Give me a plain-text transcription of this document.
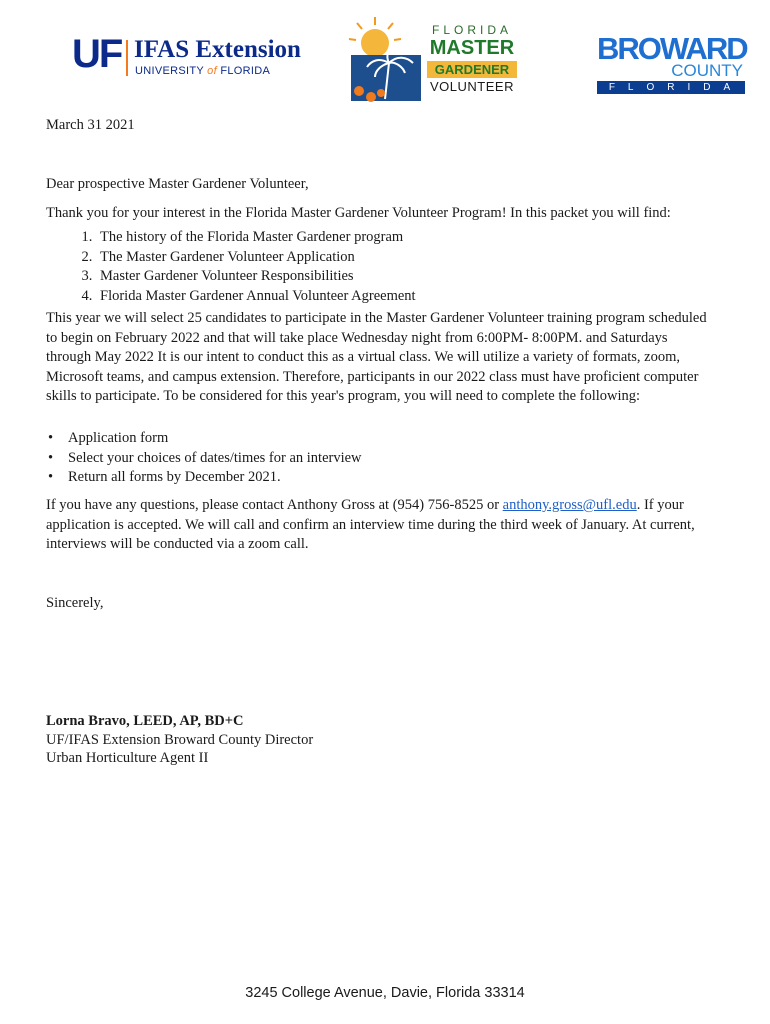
UF IFAS Extension
UNIVERSITY of FLORIDA
FLORIDA
MASTER
GARDENER
VOLUNTEER
BROWARD
COUNTY
FLORIDA
March 31 2021
Dear prospective Master Gardener Volunteer,
Thank you for your interest in the Florida Master Gardener Volunteer Program! In this packet you will find:
1. The history of the Florida Master Gardener program
2. The Master Gardener Volunteer Application
3. Master Gardener Volunteer Responsibilities
4. Florida Master Gardener Annual Volunteer Agreement
This year we will select 25 candidates to participate in the Master Gardener Volunteer training program scheduled to begin on February 2022 and that will take place Wednesday night from 6:00PM- 8:00PM. and Saturdays through May 2022 It is our intent to conduct this as a virtual class. We will utilize a variety of formats, zoom, Microsoft teams, and campus extension. Therefore, participants in our 2022 class must have proficient computer skills to participate. To be considered for this year's program, you will need to complete the following:
• Application form
• Select your choices of dates/times for an interview
• Return all forms by December 2021.
If you have any questions, please contact Anthony Gross at (954) 756-8525 or anthony.gross@ufl.edu. If your application is accepted. We will call and confirm an interview time during the third week of January. At current, interviews will be conducted via a zoom call.
Sincerely,
Lorna Bravo, LEED, AP, BD+C
UF/IFAS Extension Broward County Director
Urban Horticulture Agent II
3245 College Avenue, Davie, Florida 33314
